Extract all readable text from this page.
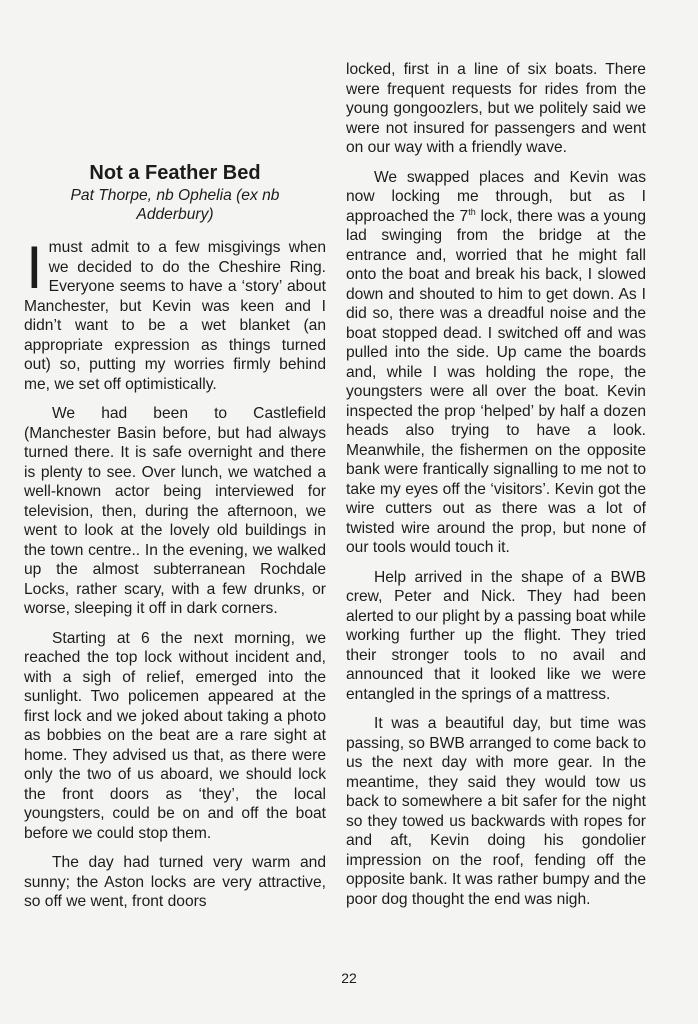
Not a Feather Bed
Pat Thorpe, nb Ophelia (ex nb Adderbury)

Imust admit to a few misgivings when we decided to do the Cheshire Ring. Everyone seems to have a ‘story’ about Manchester, but Kevin was keen and I didn’t want to be a wet blanket (an appropriate expression as things turned out) so, putting my worries firmly behind me, we set off optimistically.

We had been to Castlefield (Manchester Basin before, but had always turned there. It is safe overnight and there is plenty to see. Over lunch, we watched a well-known actor being interviewed for television, then, during the afternoon, we went to look at the lovely old buildings in the town centre.. In the evening, we walked up the almost subterranean Rochdale Locks, rather scary, with a few drunks, or worse, sleeping it off in dark corners.

Starting at 6 the next morning, we reached the top lock without incident and, with a sigh of relief, emerged into the sunlight. Two policemen appeared at the first lock and we joked about taking a photo as bobbies on the beat are a rare sight at home. They advised us that, as there were only the two of us aboard, we should lock the front doors as ‘they’, the local youngsters, could be on and off the boat before we could stop them.

The day had turned very warm and sunny; the Aston locks are very attractive, so off we went, front doors

locked, first in a line of six boats. There were frequent requests for rides from the young gongoozlers, but we politely said we were not insured for passengers and went on our way with a friendly wave.

We swapped places and Kevin was now locking me through, but as I approached the 7th lock, there was a young lad swinging from the bridge at the entrance and, worried that he might fall onto the boat and break his back, I slowed down and shouted to him to get down. As I did so, there was a dreadful noise and the boat stopped dead. I switched off and was pulled into the side. Up came the boards and, while I was holding the rope, the youngsters were all over the boat. Kevin inspected the prop ‘helped’ by half a dozen heads also trying to have a look. Meanwhile, the fishermen on the opposite bank were frantically signalling to me not to take my eyes off the ‘visitors’. Kevin got the wire cutters out as there was a lot of twisted wire around the prop, but none of our tools would touch it.

Help arrived in the shape of a BWB crew, Peter and Nick. They had been alerted to our plight by a passing boat while working further up the flight. They tried their stronger tools to no avail and announced that it looked like we were entangled in the springs of a mattress.

It was a beautiful day, but time was passing, so BWB arranged to come back to us the next day with more gear. In the meantime, they said they would tow us back to somewhere a bit safer for the night so they towed us backwards with ropes for and aft, Kevin doing his gondolier impression on the roof, fending off the opposite bank. It was rather bumpy and the poor dog thought the end was nigh.

22
